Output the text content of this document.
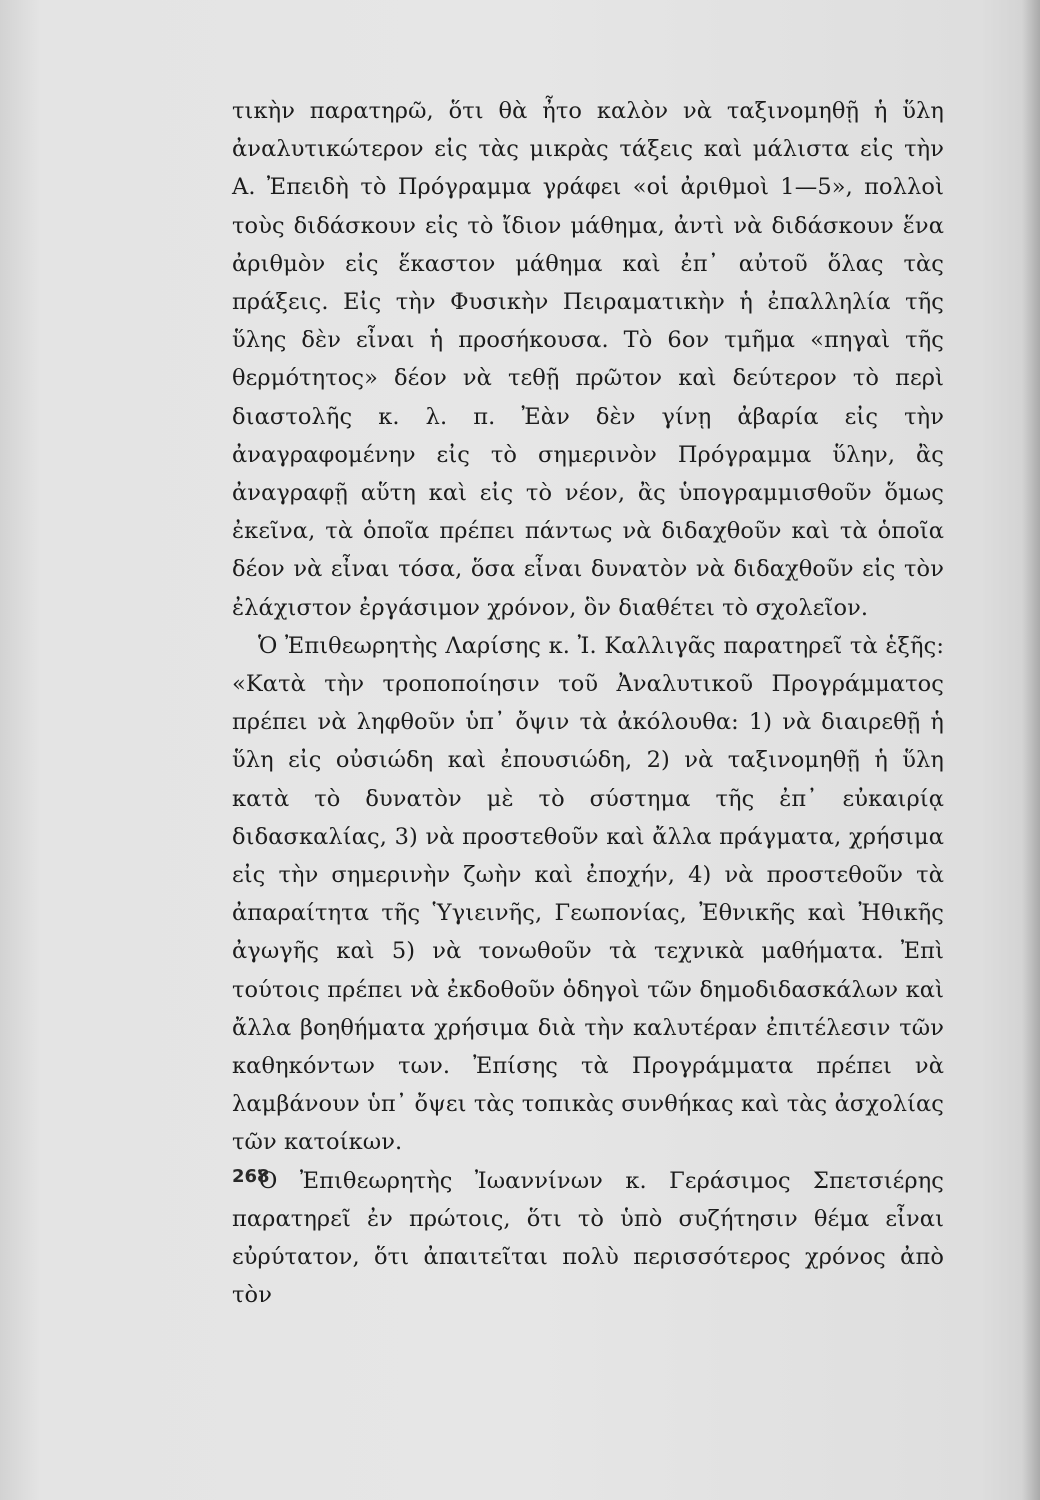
τικὴν παρατηρῶ, ὅτι θὰ ἦτο καλὸν νὰ ταξινομηθῇ ἡ ὕλη ἀναλυτικώτερον εἰς τὰς μικρὰς τάξεις καὶ μάλιστα εἰς τὴν Α. Ἐπειδὴ τὸ Πρόγραμμα γράφει «οἱ ἀριθμοὶ 1—5», πολλοὶ τοὺς διδάσκουν εἰς τὸ ἴδιον μάθημα, ἀντὶ νὰ διδάσκουν ἕνα ἀριθμὸν εἰς ἕκαστον μάθημα καὶ ἐπ᾽ αὐτοῦ ὅλας τὰς πράξεις. Εἰς τὴν Φυσικὴν Πειραματικὴν ἡ ἐπαλληλία τῆς ὕλης δὲν εἶναι ἡ προσήκουσα. Τὸ 6ον τμῆμα «πηγαὶ τῆς θερμότητος» δέον νὰ τεθῇ πρῶτον καὶ δεύτερον τὸ περὶ διαστολῆς κ. λ. π. Ἐὰν δὲν γίνῃ ἀβαρία εἰς τὴν ἀναγραφομένην εἰς τὸ σημερινὸν Πρόγραμμα ὕλην, ἂς ἀναγραφῇ αὕτη καὶ εἰς τὸ νέον, ἂς ὑπογραμμισθοῦν ὅμως ἐκεῖνα, τὰ ὁποῖα πρέπει πάντως νὰ διδαχθοῦν καὶ τὰ ὁποῖα δέον νὰ εἶναι τόσα, ὅσα εἶναι δυνατὸν νὰ διδαχθοῦν εἰς τὸν ἐλάχιστον ἐργάσιμον χρόνον, ὃν διαθέτει τὸ σχολεῖον.

Ὁ Ἐπιθεωρητὴς Λαρίσης κ. Ἰ. Καλλιγᾶς παρατηρεῖ τὰ ἑξῆς: «Κατὰ τὴν τροποποίησιν τοῦ Ἀναλυτικοῦ Προγράμματος πρέπει νὰ ληφθοῦν ὑπ᾽ ὄψιν τὰ ἀκόλουθα: 1) νὰ διαιρεθῇ ἡ ὕλη εἰς οὐσιώδη καὶ ἐπουσιώδη, 2) νὰ ταξινομηθῇ ἡ ὕλη κατὰ τὸ δυνατὸν μὲ τὸ σύστημα τῆς ἐπ᾽ εὐκαιρίᾳ διδασκαλίας, 3) νὰ προστεθοῦν καὶ ἄλλα πράγματα, χρήσιμα εἰς τὴν σημερινὴν ζωὴν καὶ ἐποχήν, 4) νὰ προστεθοῦν τὰ ἀπαραίτητα τῆς Ὑγιεινῆς, Γεωπονίας, Ἐθνικῆς καὶ Ἠθικῆς ἀγωγῆς καὶ 5) νὰ τονωθοῦν τὰ τεχνικὰ μαθήματα. Ἐπὶ τούτοις πρέπει νὰ ἐκδοθοῦν ὁδηγοὶ τῶν δημοδιδασκάλων καὶ ἄλλα βοηθήματα χρήσιμα διὰ τὴν καλυτέραν ἐπιτέλεσιν τῶν καθηκόντων των. Ἐπίσης τὰ Προγράμματα πρέπει νὰ λαμβάνουν ὑπ᾽ ὄψει τὰς τοπικὰς συνθήκας καὶ τὰς ἀσχολίας τῶν κατοίκων.

Ὁ Ἐπιθεωρητὴς Ἰωαννίνων κ. Γεράσιμος Σπετσιέρης παρατηρεῖ ἐν πρώτοις, ὅτι τὸ ὑπὸ συζήτησιν θέμα εἶναι εὐρύτατον, ὅτι ἀπαιτεῖται πολὺ περισσότερος χρόνος ἀπὸ τὸν

268
